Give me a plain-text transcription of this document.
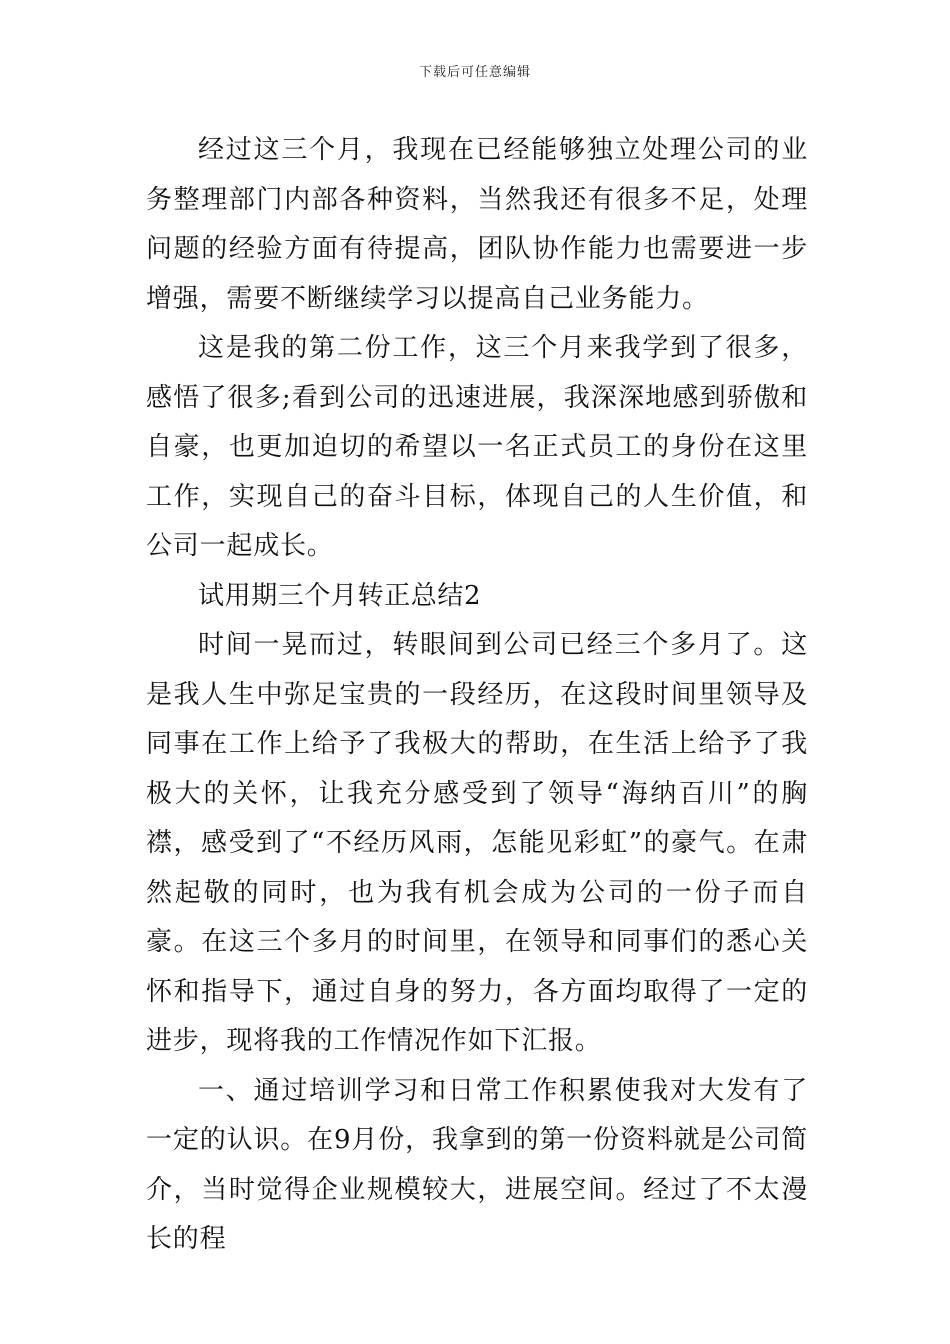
下载后可任意编辑

经过这三个月，我现在已经能够独立处理公司的业务整理部门内部各种资料，当然我还有很多不足，处理问题的经验方面有待提高，团队协作能力也需要进一步增强，需要不断继续学习以提高自己业务能力。

这是我的第二份工作，这三个月来我学到了很多，感悟了很多;看到公司的迅速进展，我深深地感到骄傲和自豪，也更加迫切的希望以一名正式员工的身份在这里工作，实现自己的奋斗目标，体现自己的人生价值，和公司一起成长。

试用期三个月转正总结2

时间一晃而过，转眼间到公司已经三个多月了。这是我人生中弥足宝贵的一段经历，在这段时间里领导及同事在工作上给予了我极大的帮助，在生活上给予了我极大的关怀，让我充分感受到了领导“海纳百川”的胸襟，感受到了“不经历风雨，怎能见彩虹”的豪气。在肃然起敬的同时，也为我有机会成为公司的一份子而自豪。在这三个多月的时间里，在领导和同事们的悉心关怀和指导下，通过自身的努力，各方面均取得了一定的进步，现将我的工作情况作如下汇报。

一、通过培训学习和日常工作积累使我对大发有了一定的认识。在9月份，我拿到的第一份资料就是公司简介，当时觉得企业规模较大，进展空间。经过了不太漫长的程
